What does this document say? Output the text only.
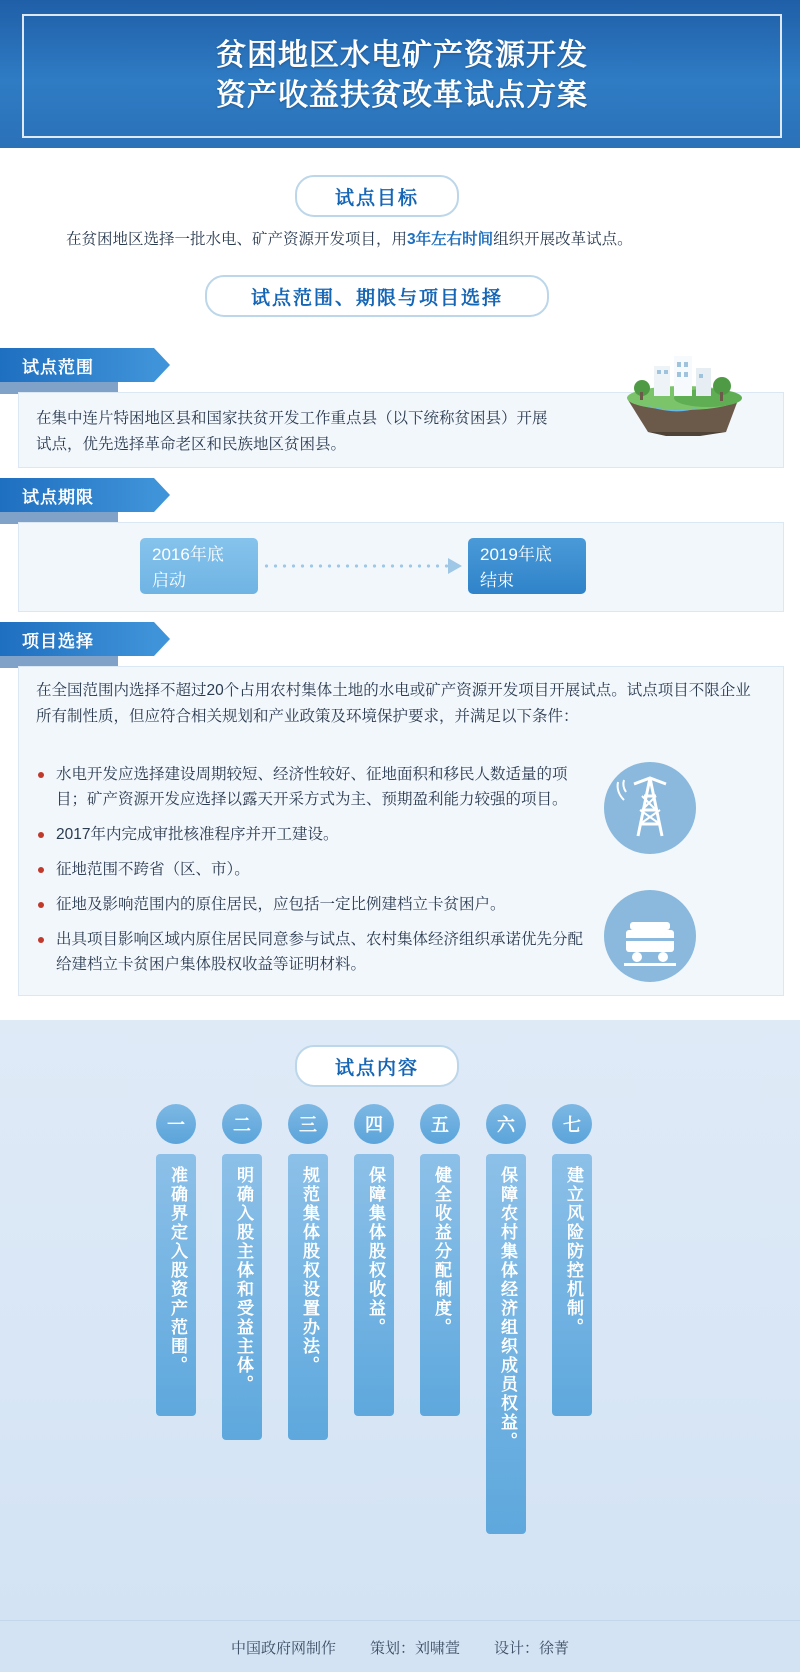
贫困地区水电矿产资源开发
资产收益扶贫改革试点方案
试点目标
在贫困地区选择一批水电、矿产资源开发项目，用3年左右时间组织开展改革试点。
试点范围、期限与项目选择
试点范围
在集中连片特困地区县和国家扶贫开发工作重点县（以下统称贫困县）开展试点，优先选择革命老区和民族地区贫困县。
试点期限
2016年底
启动
2019年底
结束
项目选择
在全国范围内选择不超过20个占用农村集体土地的水电或矿产资源开发项目开展试点。试点项目不限企业所有制性质，但应符合相关规划和产业政策及环境保护要求，并满足以下条件：
水电开发应选择建设周期较短、经济性较好、征地面积和移民人数适量的项目；矿产资源开发应选择以露天开采方式为主、预期盈利能力较强的项目。
2017年内完成审批核准程序并开工建设。
征地范围不跨省（区、市）。
征地及影响范围内的原住居民，应包括一定比例建档立卡贫困户。
出具项目影响区域内原住居民同意参与试点、农村集体经济组织承诺优先分配给建档立卡贫困户集体股权收益等证明材料。
试点内容
一
准确界定入股资产范围。
二
明确入股主体和受益主体。
三
规范集体股权设置办法。
四
保障集体股权收益。
五
健全收益分配制度。
六
保障农村集体经济组织成员权益。
七
建立风险防控机制。
中国政府网制作 策划：刘啸萱 设计：徐菁
